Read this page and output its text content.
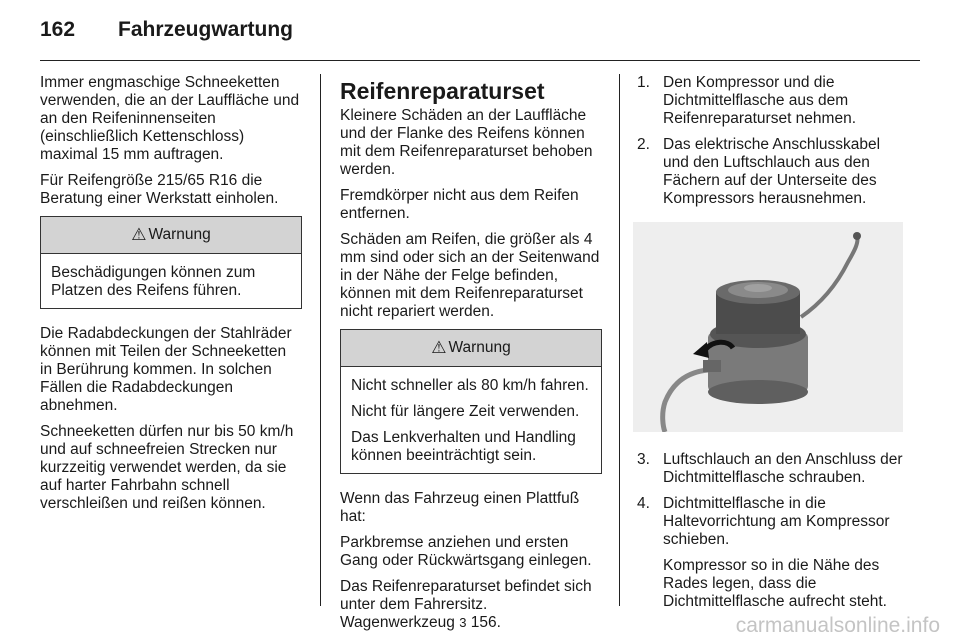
162 Fahrzeugwartung

Immer engmaschige Schneeketten verwenden, die an der Lauffläche und an den Reifeninnenseiten (einschließlich Kettenschloss) maximal 15 mm auftragen.

Für Reifengröße 215/65 R16 die Beratung einer Werkstatt einholen.

⚠ Warnung

Beschädigungen können zum Platzen des Reifens führen.

Die Radabdeckungen der Stahlräder können mit Teilen der Schneeketten in Berührung kommen. In solchen Fällen die Radabdeckungen abnehmen.

Schneeketten dürfen nur bis 50 km/h und auf schneefreien Strecken nur kurzzeitig verwendet werden, da sie auf harter Fahrbahn schnell verschleißen und reißen können.

Reifenreparaturset

Kleinere Schäden an der Lauffläche und der Flanke des Reifens können mit dem Reifenreparaturset behoben werden.

Fremdkörper nicht aus dem Reifen entfernen.

Schäden am Reifen, die größer als 4 mm sind oder sich an der Seitenwand in der Nähe der Felge befinden, können mit dem Reifenreparaturset nicht repariert werden.

⚠ Warnung

Nicht schneller als 80 km/h fahren.

Nicht für längere Zeit verwenden.

Das Lenkverhalten und Handling können beeinträchtigt sein.

Wenn das Fahrzeug einen Plattfuß hat:

Parkbremse anziehen und ersten Gang oder Rückwärtsgang einlegen.

Das Reifenreparaturset befindet sich unter dem Fahrersitz. Wagenwerkzeug 3 156.

1. Den Kompressor und die Dichtmittelflasche aus dem Reifenreparaturset nehmen.

2. Das elektrische Anschlusskabel und den Luftschlauch aus den Fächern auf der Unterseite des Kompressors herausnehmen.

3. Luftschlauch an den Anschluss der Dichtmittelflasche schrauben.

4. Dichtmittelflasche in die Haltevorrichtung am Kompressor schieben.

Kompressor so in die Nähe des Rades legen, dass die Dichtmittelflasche aufrecht steht.

carmanualsonline.info
